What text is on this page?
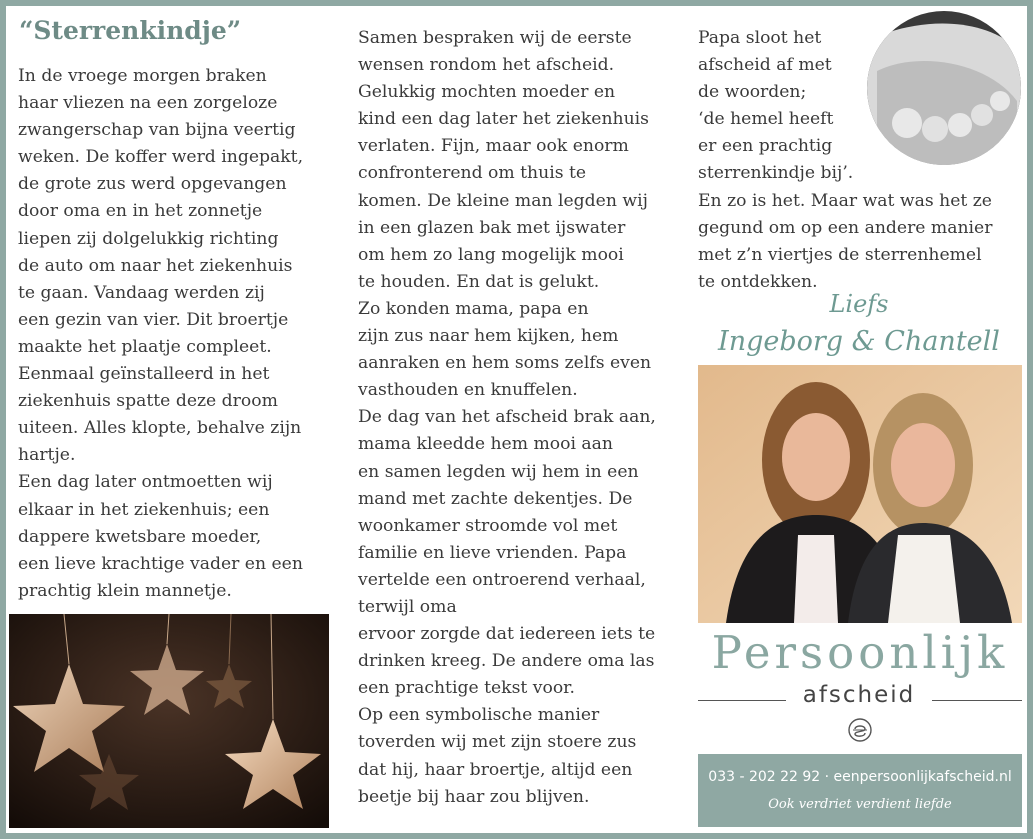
“Sterrenkindje”

In de vroege morgen braken
haar vliezen na een zorgeloze
zwangerschap van bijna veertig
weken. De koffer werd ingepakt,
de grote zus werd opgevangen
door oma en in het zonnetje
liepen zij dolgelukkig richting
de auto om naar het ziekenhuis
te gaan. Vandaag werden zij
een gezin van vier. Dit broertje
maakte het plaatje compleet.
Eenmaal geïnstalleerd in het
ziekenhuis spatte deze droom
uiteen. Alles klopte, behalve zijn
hartje.

Een dag later ontmoetten wij
elkaar in het ziekenhuis; een
dappere kwetsbare moeder,
een lieve krachtige vader en een
prachtig klein mannetje.

Samen bespraken wij de eerste
wensen rondom het afscheid.
Gelukkig mochten moeder en
kind een dag later het ziekenhuis
verlaten. Fijn, maar ook enorm
confronterend om thuis te
komen. De kleine man legden wij
in een glazen bak met ijswater
om hem zo lang mogelijk mooi
te houden. En dat is gelukt.

Zo konden mama, papa en
zijn zus naar hem kijken, hem
aanraken en hem soms zelfs even
vasthouden en knuffelen.

De dag van het afscheid brak aan,
mama kleedde hem mooi aan
en samen legden wij hem in een
mand met zachte dekentjes. De
woonkamer stroomde vol met
familie en lieve vrienden. Papa
vertelde een ontroerend verhaal,
terwijl oma
ervoor zorgde dat iedereen iets te
drinken kreeg. De andere oma las
een prachtige tekst voor.

Op een symbolische manier
toverden wij met zijn stoere zus
dat hij, haar broertje, altijd een
beetje bij haar zou blijven.

Papa sloot het
afscheid af met
de woorden;
‘de hemel heeft
er een prachtig
sterrenkindje bij’.

En zo is het. Maar wat was het ze
gegund om op een andere manier
met z’n viertjes de sterrenhemel
te ontdekken.

Liefs
Ingeborg & Chantell
Persoonlijk
afscheid
033 - 202 22 92 · eenpersoonlijkafscheid.nl
Ook verdriet verdient liefde
